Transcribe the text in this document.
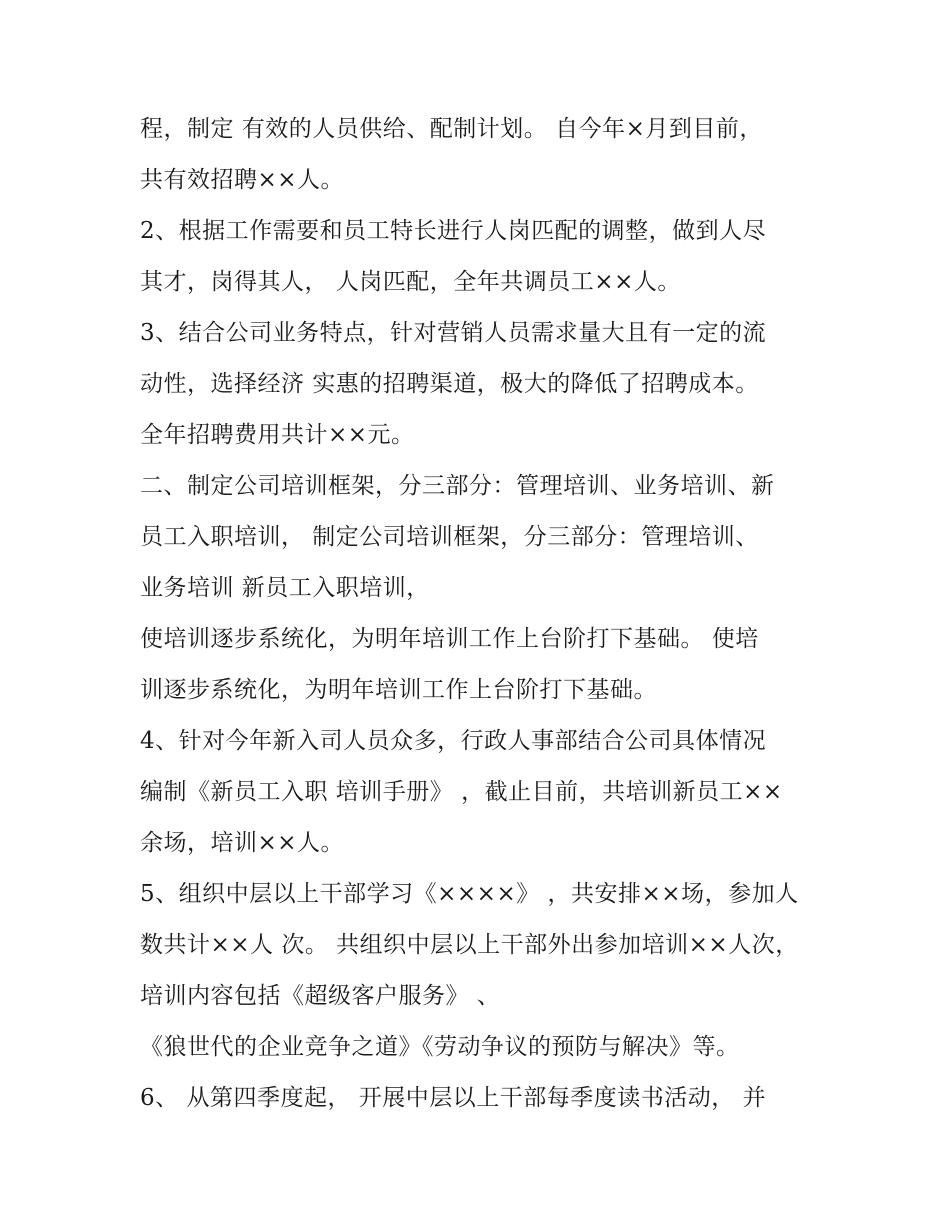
程，制定 有效的人员供给、配制计划。 自今年×月到目前，
共有效招聘××人。
2、根据工作需要和员工特长进行人岗匹配的调整，做到人尽
其才，岗得其人， 人岗匹配，全年共调员工××人。
3、结合公司业务特点，针对营销人员需求量大且有一定的流
动性，选择经济 实惠的招聘渠道，极大的降低了招聘成本。
全年招聘费用共计××元。
二、制定公司培训框架，分三部分：管理培训、业务培训、新
员工入职培训， 制定公司培训框架，分三部分：管理培训、
业务培训 新员工入职培训，
使培训逐步系统化，为明年培训工作上台阶打下基础。 使培
训逐步系统化，为明年培训工作上台阶打下基础。
4、针对今年新入司人员众多，行政人事部结合公司具体情况
编制《新员工入职 培训手册》 ，截止目前，共培训新员工××
余场，培训××人。
5、组织中层以上干部学习《××××》 ，共安排××场，参加人
数共计××人 次。 共组织中层以上干部外出参加培训××人次，
培训内容包括《超级客户服务》 、
《狼世代的企业竞争之道》《劳动争议的预防与解决》等。
6、 从第四季度起， 开展中层以上干部每季度读书活动， 并
